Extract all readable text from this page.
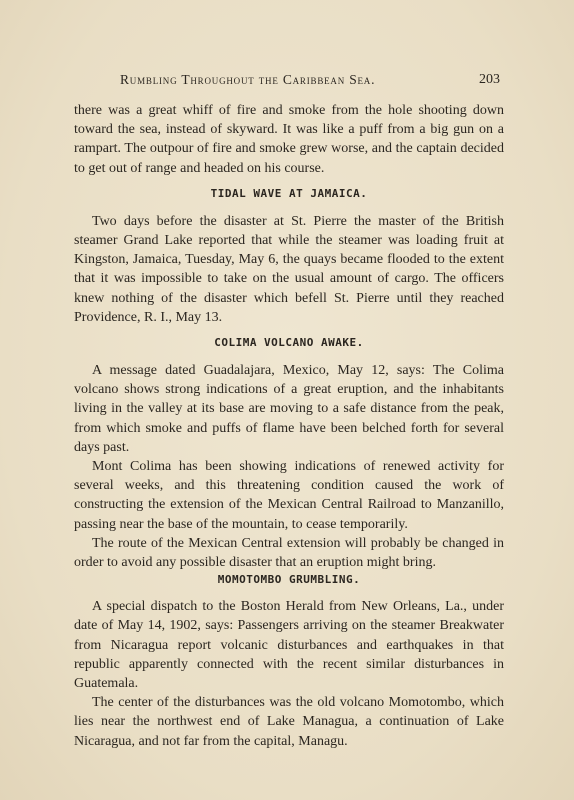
Rumbling Throughout the Caribbean Sea.	203

there was a great whiff of fire and smoke from the hole shooting down toward the sea, instead of skyward. It was like a puff from a big gun on a rampart. The outpour of fire and smoke grew worse, and the captain decided to get out of range and headed on his course.

TIDAL WAVE AT JAMAICA.

Two days before the disaster at St. Pierre the master of the British steamer Grand Lake reported that while the steamer was loading fruit at Kingston, Jamaica, Tuesday, May 6, the quays became flooded to the extent that it was impossible to take on the usual amount of cargo. The officers knew nothing of the disaster which befell St. Pierre until they reached Providence, R. I., May 13.

COLIMA VOLCANO AWAKE.

A message dated Guadalajara, Mexico, May 12, says: The Colima volcano shows strong indications of a great eruption, and the inhabitants living in the valley at its base are moving to a safe distance from the peak, from which smoke and puffs of flame have been belched forth for several days past.

Mont Colima has been showing indications of renewed activity for several weeks, and this threatening condition caused the work of constructing the extension of the Mexican Central Railroad to Manzanillo, passing near the base of the mountain, to cease temporarily.

The route of the Mexican Central extension will probably be changed in order to avoid any possible disaster that an eruption might bring.

MOMOTOMBO GRUMBLING.

A special dispatch to the Boston Herald from New Orleans, La., under date of May 14, 1902, says: Passengers arriving on the steamer Breakwater from Nicaragua report volcanic disturbances and earthquakes in that republic apparently connected with the recent similar disturbances in Guatemala.

The center of the disturbances was the old volcano Momotombo, which lies near the northwest end of Lake Managua, a continuation of Lake Nicaragua, and not far from the capital, Managu.
